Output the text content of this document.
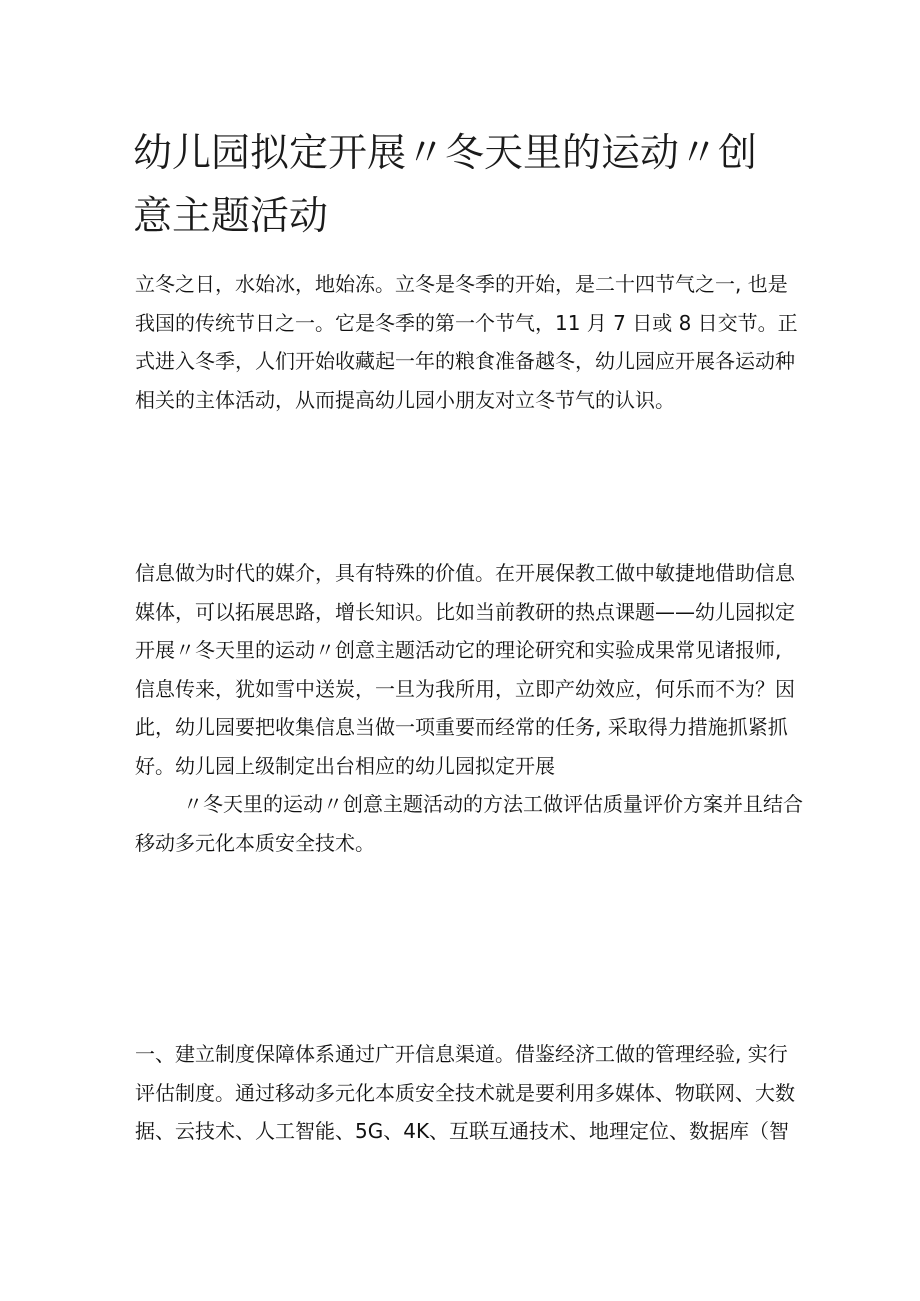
幼儿园拟定开展〃冬天里的运动〃创
意主题活动
立冬之日，水始冰，地始冻。立冬是冬季的开始，是二十四节气之一, 也是
我国的传统节日之一。它是冬季的第一个节气，11 月 7 日或 8 日交节。正
式进入冬季，人们开始收藏起一年的粮食准备越冬，幼儿园应开展各运动种
相关的主体活动，从而提高幼儿园小朋友对立冬节气的认识。
信息做为时代的媒介，具有特殊的价值。在开展保教工做中敏捷地借助信息
媒体，可以拓展思路，增长知识。比如当前教研的热点课题——幼儿园拟定
开展〃冬天里的运动〃创意主题活动它的理论研究和实验成果常见诸报师,
信息传来，犹如雪中送炭，一旦为我所用，立即产幼效应，何乐而不为？因
此，幼儿园要把收集信息当做一项重要而经常的任务, 采取得力措施抓紧抓
好。幼儿园上级制定出台相应的幼儿园拟定开展
〃冬天里的运动〃创意主题活动的方法工做评估质量评价方案并且结合
移动多元化本质安全技术。
一、建立制度保障体系通过广开信息渠道。借鉴经济工做的管理经验, 实行
评估制度。通过移动多元化本质安全技术就是要利用多媒体、物联网、大数
据、云技术、人工智能、5G、4K、互联互通技术、地理定位、数据库（智
